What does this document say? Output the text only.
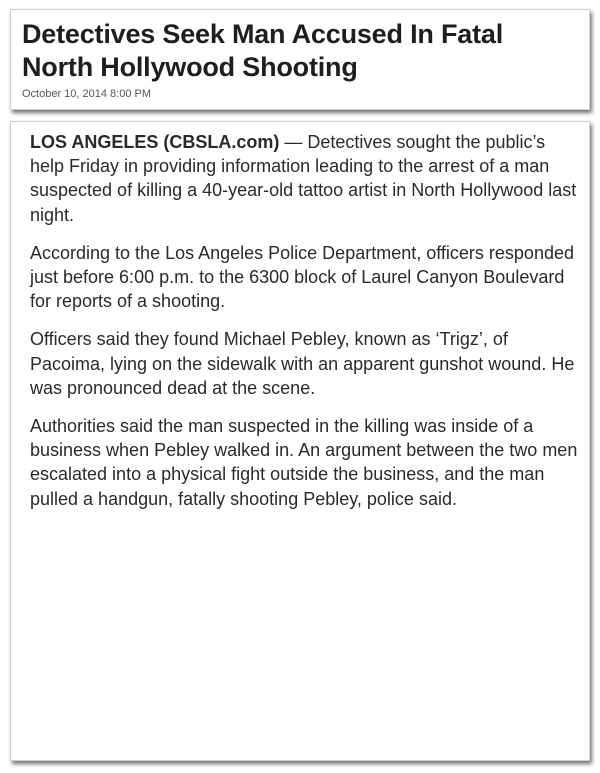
Detectives Seek Man Accused In Fatal North Hollywood Shooting
October 10, 2014 8:00 PM

LOS ANGELES (CBSLA.com) — Detectives sought the public’s help Friday in providing information leading to the arrest of a man suspected of killing a 40-year-old tattoo artist in North Hollywood last night.

According to the Los Angeles Police Department, officers responded just before 6:00 p.m. to the 6300 block of Laurel Canyon Boulevard for reports of a shooting.

Officers said they found Michael Pebley, known as ‘Trigz’, of Pacoima, lying on the sidewalk with an apparent gunshot wound. He was pronounced dead at the scene.

Authorities said the man suspected in the killing was inside of a business when Pebley walked in. An argument between the two men escalated into a physical fight outside the business, and the man pulled a handgun, fatally shooting Pebley, police said.
